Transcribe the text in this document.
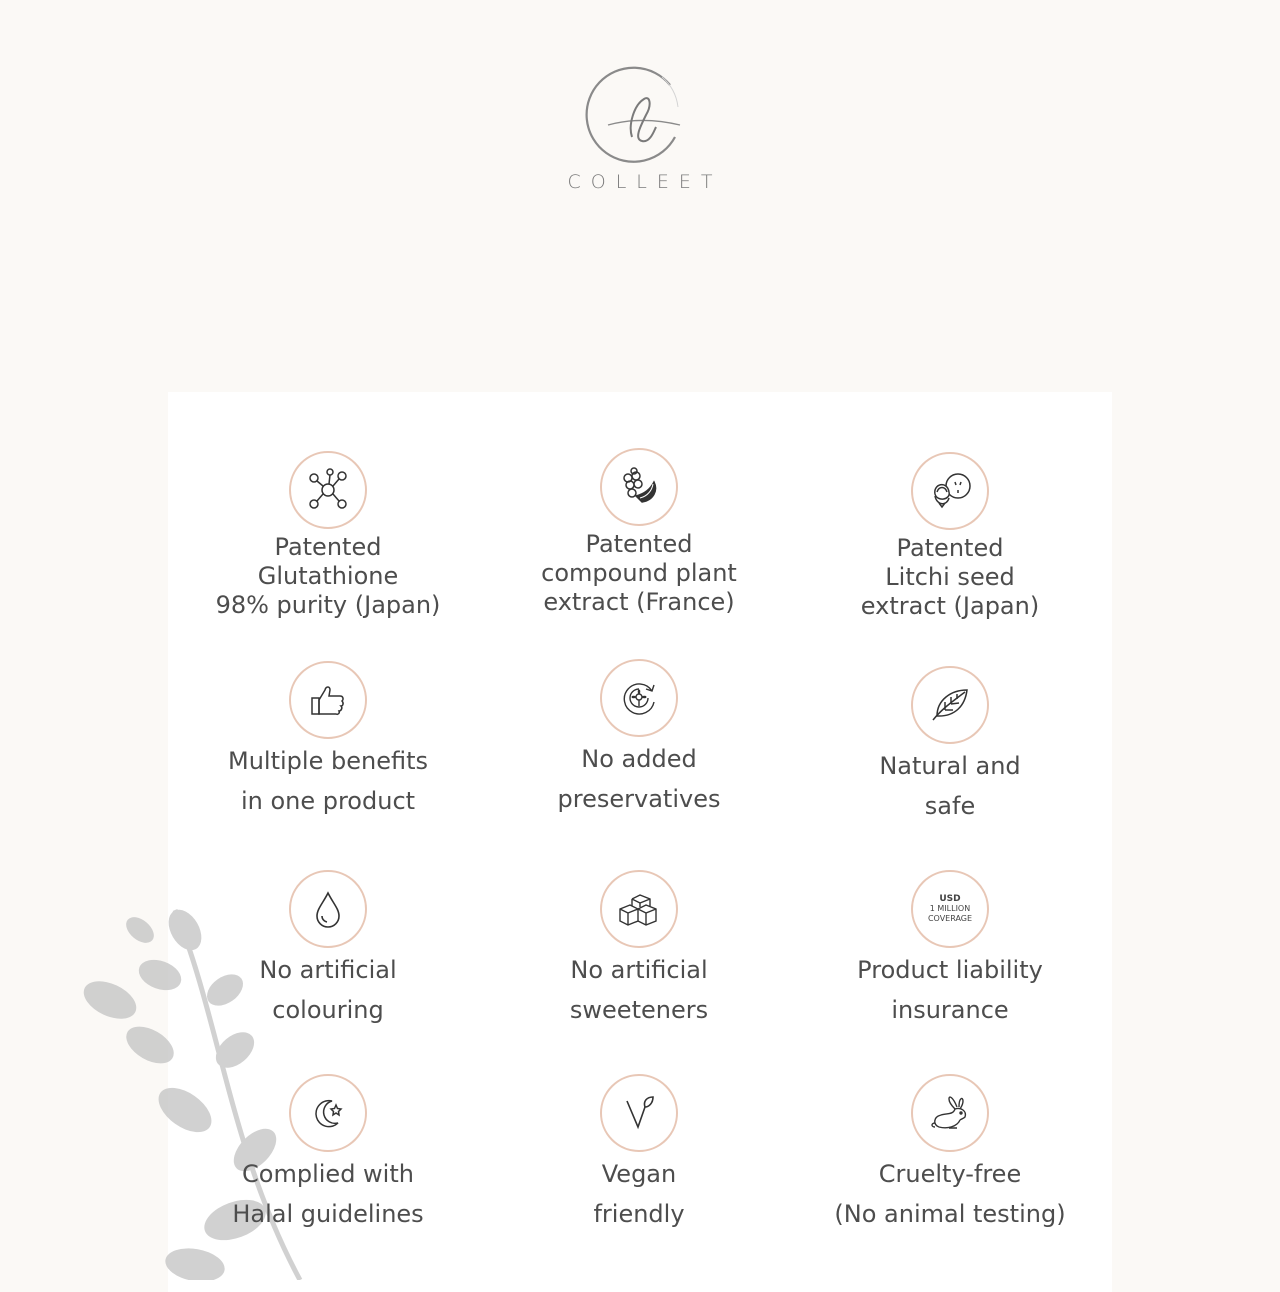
COLLEET
Patented
Glutathione
98% purity (Japan)
Patented
compound plant
extract (France)
Patented
Litchi seed
extract (Japan)
Multiple benefits
in one product
No added
preservatives
Natural and
safe
No artificial
colouring
No artificial
sweeteners
USD
1 MILLION
COVERAGE
Product liability
insurance
Complied with
Halal guidelines
Vegan
friendly
Cruelty-free
(No animal testing)
